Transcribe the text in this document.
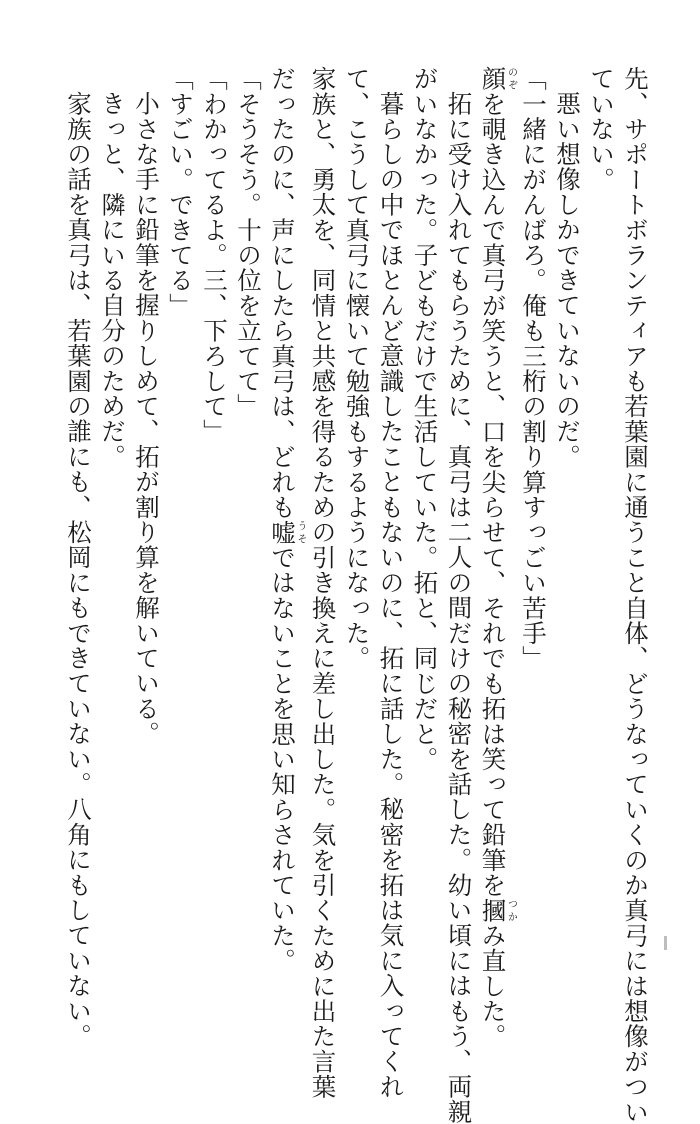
先、サポートボランティアも若葉園に通うこと自体、どうなっていくのか真弓には想像がつい
ていない。
悪い想像しかできていないのだ。
「一緒にがんばろ。俺も三桁の割り算すっごい苦手」
顔のぞを覗き込んで真弓が笑うと、口を尖らせて、それでも拓は笑って鉛筆を摑つかみ直した。
拓に受け入れてもらうために、真弓は二人の間だけの秘密を話した。幼い頃にはもう、両親
がいなかった。子どもだけで生活していた。拓と、同じだと。
暮らしの中でほとんど意識したこともないのに、拓に話した。秘密を拓は気に入ってくれ
て、こうして真弓に懐いて勉強もするようになった。
家族と、勇太を、同情と共感を得るための引き換えに差し出した。気を引くために出た言葉
だったのに、声にしたら真弓は、どれも嘘うそではないことを思い知らされていた。
「そうそう。十の位を立てて」
「わかってるよ。三、下ろして」
「すごい。できてる」
小さな手に鉛筆を握りしめて、拓が割り算を解いている。
きっと、隣にいる自分のためだ。
家族の話を真弓は、若葉園の誰にも、松岡にもできていない。八角にもしていない。
